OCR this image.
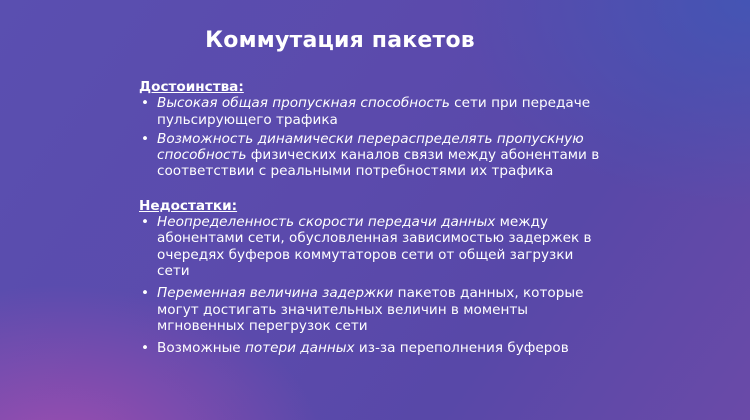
Коммутация пакетов

Достоинства:

• Высокая общая пропускная способность сети при передаче пульсирующего трафика
• Возможность динамически перераспределять пропускную способность физических каналов связи между абонентами в соответствии с реальными потребностями их трафика

Недостатки:

• Неопределенность скорости передачи данных между абонентами сети, обусловленная зависимостью задержек в очередях буферов коммутаторов сети от общей загрузки сети
• Переменная величина задержки пакетов данных, которые могут достигать значительных величин в моменты мгновенных перегрузок сети
• Возможные потери данных из-за переполнения буферов
